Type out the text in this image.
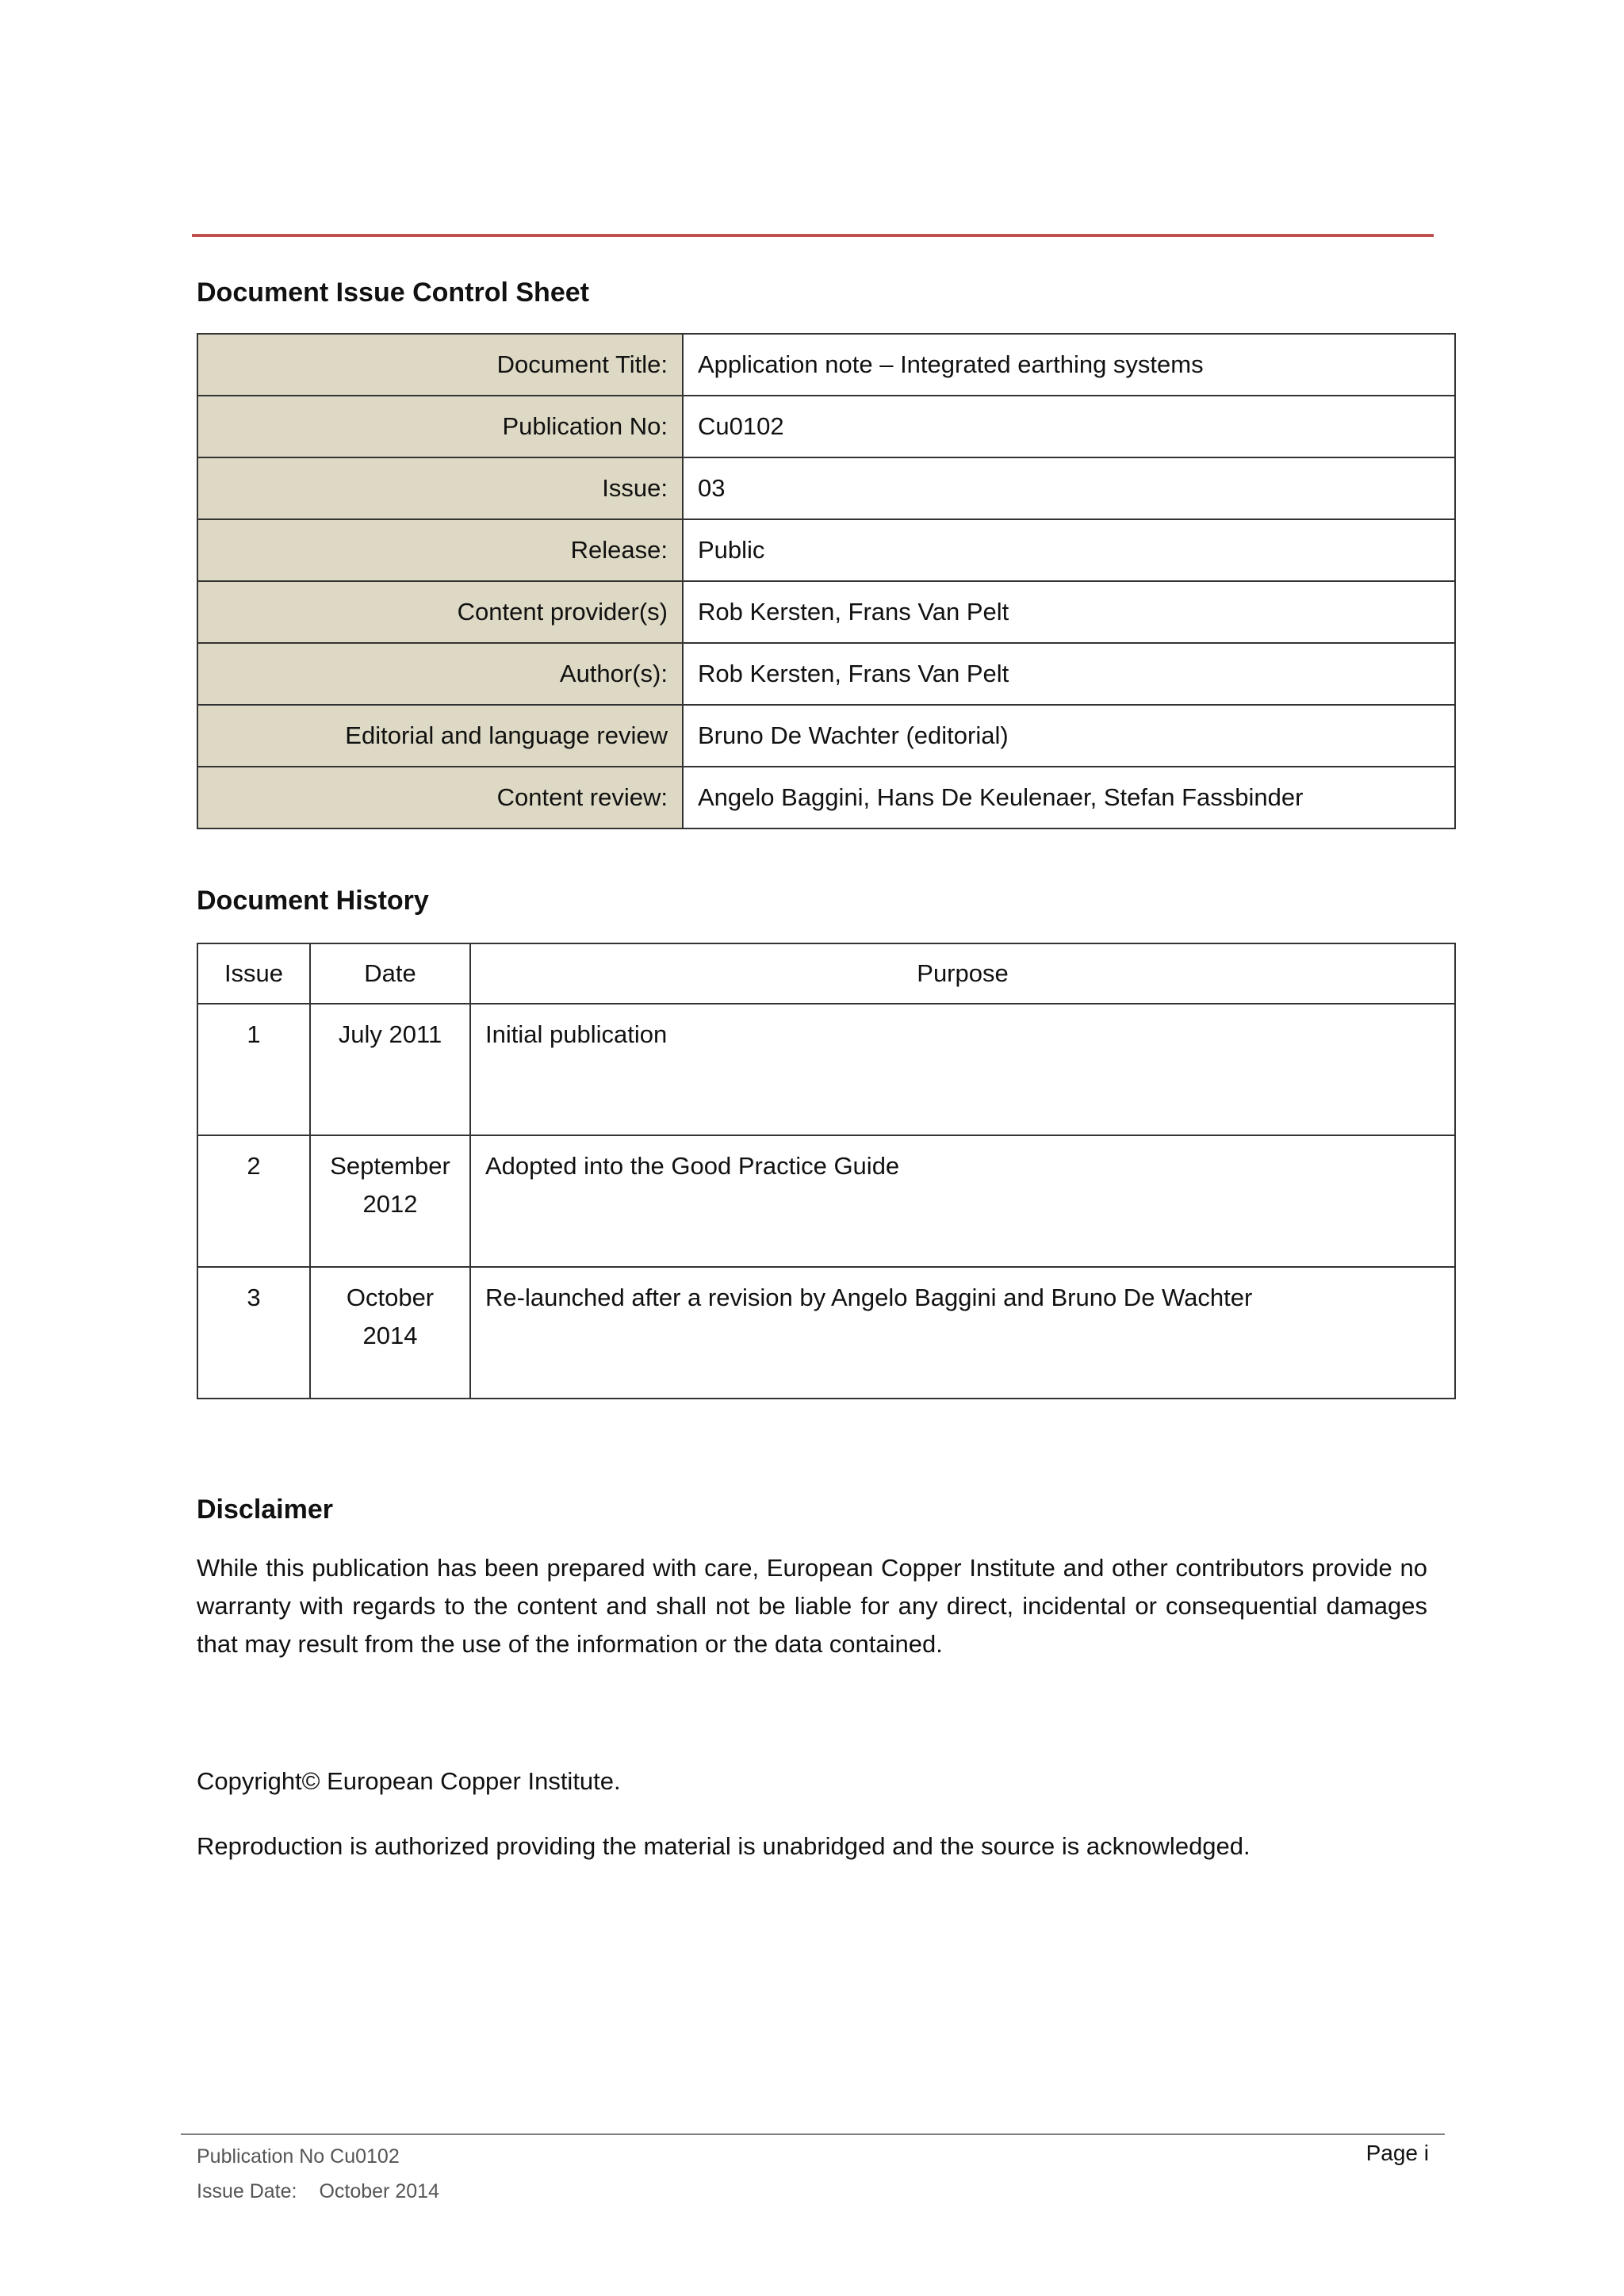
Document Issue Control Sheet
Document Title:	Application note – Integrated earthing systems
Publication No:	Cu0102
Issue:	03
Release:	Public
Content provider(s)	Rob Kersten, Frans Van Pelt
Author(s):	Rob Kersten, Frans Van Pelt
Editorial and language review	Bruno De Wachter (editorial)
Content review:	Angelo Baggini, Hans De Keulenaer, Stefan Fassbinder
Document History
Issue	Date	Purpose
1	July 2011	Initial publication
2	September 2012	Adopted into the Good Practice Guide
3	October 2014	Re-launched after a revision by Angelo Baggini and Bruno De Wachter
Disclaimer
While this publication has been prepared with care, European Copper Institute and other contributors provide no warranty with regards to the content and shall not be liable for any direct, incidental or consequential damages that may result from the use of the information or the data contained.
Copyright© European Copper Institute.
Reproduction is authorized providing the material is unabridged and the source is acknowledged.
Publication No Cu0102
Issue Date: October 2014
Page i
